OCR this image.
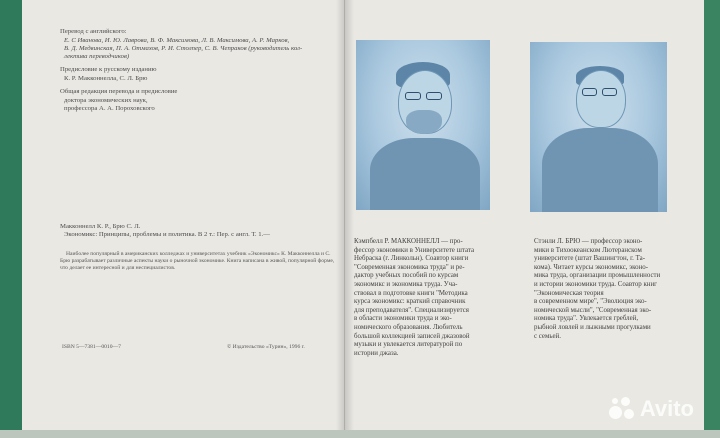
Перевод с английского:
Е. С Иванова, И. Ю. Лаврова, В. Ф. Максимова, Л. В. Максимова, А. Р. Марков,
В. Д. Медвинская, П. А. Отмахов, Р. И. Столпер, С. В. Чепраков (руководитель кол-
лектива переводчиков)
Предисловие к русскому изданию
К. Р. Макконнелла, С. Л. Брю
Общая редакция перевода и предисловие
доктора экономических наук,
профессора А. А. Пороховского
Макконнелл К. Р., Брю С. Л.
Экономикс: Принципы, проблемы и политика. В 2 т.: Пер. с англ. Т. 1.—
Наиболее популярный в американских колледжах и университетах учебник «Экономикс» К. Макконнелла и С.
Брю разрабатывает различные аспекты науки о рыночной экономике. Книга написана в живой, популярной форме,
что делает ее интересной и для неспециалистов.
ISBN 5—7381—0010—7	© Издательство «Турин», 1996 г.
Кэмпбелл Р. МАККОННЕЛЛ — про-
фессор экономики в Университете штата
Небраска (г. Линкольн). Соавтор книги
"Современная экономика труда" и ре-
дактор учебных пособий по курсам
экономикс и экономика труда. Уча-
ствовал в подготовке книги "Методика
курса экономикс: краткий справочник
для преподавателя". Специализируется
в области экономики труда и эко-
номического образования. Любитель
большой коллекцией записей джазовой
музыки и увлекается литературой по
истории джаза.
Стэнли Л. БРЮ — профессор эконо-
мики в Тихоокеанском Лютеранском
университете (штат Вашингтон, г. Та-
кома). Читает курсы экономикс, эконо-
мика труда, организации промышленности
и истории экономики труда. Соавтор книг
"Экономическая теория
в современном мире", "Эволюция эко-
номической мысли", "Современная эко-
номика труда". Увлекается греблей,
рыбной ловлей и лыжными прогулками
с семьей.
Avito
